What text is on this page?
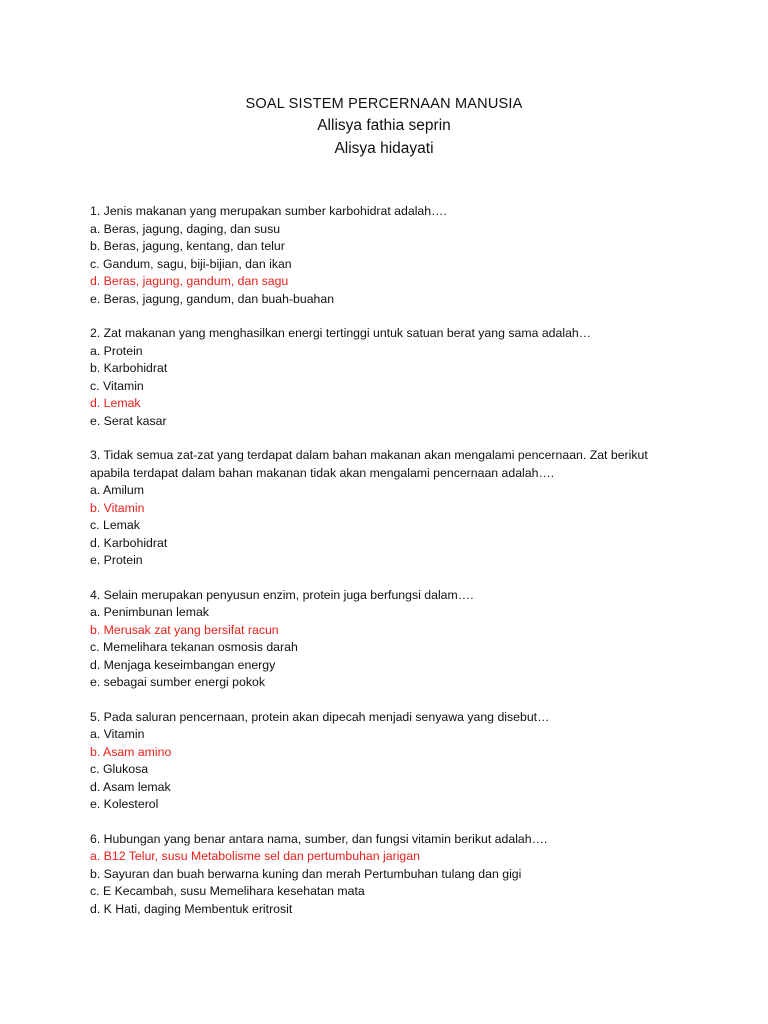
SOAL SISTEM PERCERNAAN MANUSIA
Allisya fathia seprin
Alisya hidayati
1. Jenis makanan yang merupakan sumber karbohidrat adalah….
a. Beras, jagung, daging, dan susu
b. Beras, jagung, kentang, dan telur
c. Gandum, sagu, biji-bijian, dan ikan
d. Beras, jagung, gandum, dan sagu
e. Beras, jagung, gandum, dan buah-buahan
2. Zat makanan yang menghasilkan energi tertinggi untuk satuan berat yang sama adalah…
a. Protein
b. Karbohidrat
c. Vitamin
d. Lemak
e. Serat kasar
3. Tidak semua zat-zat yang terdapat dalam bahan makanan akan mengalami pencernaan. Zat berikut apabila terdapat dalam bahan makanan tidak akan mengalami pencernaan adalah….
a. Amilum
b. Vitamin
c. Lemak
d. Karbohidrat
e. Protein
4. Selain merupakan penyusun enzim, protein juga berfungsi dalam….
a. Penimbunan lemak
b. Merusak zat yang bersifat racun
c. Memelihara tekanan osmosis darah
d. Menjaga keseimbangan energy
e. sebagai sumber energi pokok
5. Pada saluran pencernaan, protein akan dipecah menjadi senyawa yang disebut…
a. Vitamin
b. Asam amino
c. Glukosa
d. Asam lemak
e. Kolesterol
6. Hubungan yang benar antara nama, sumber, dan fungsi vitamin berikut adalah….
a. B12 Telur, susu Metabolisme sel dan pertumbuhan jarigan
b. Sayuran dan buah berwarna kuning dan merah Pertumbuhan tulang dan gigi
c. E Kecambah, susu Memelihara kesehatan mata
d. K Hati, daging Membentuk eritrosit
